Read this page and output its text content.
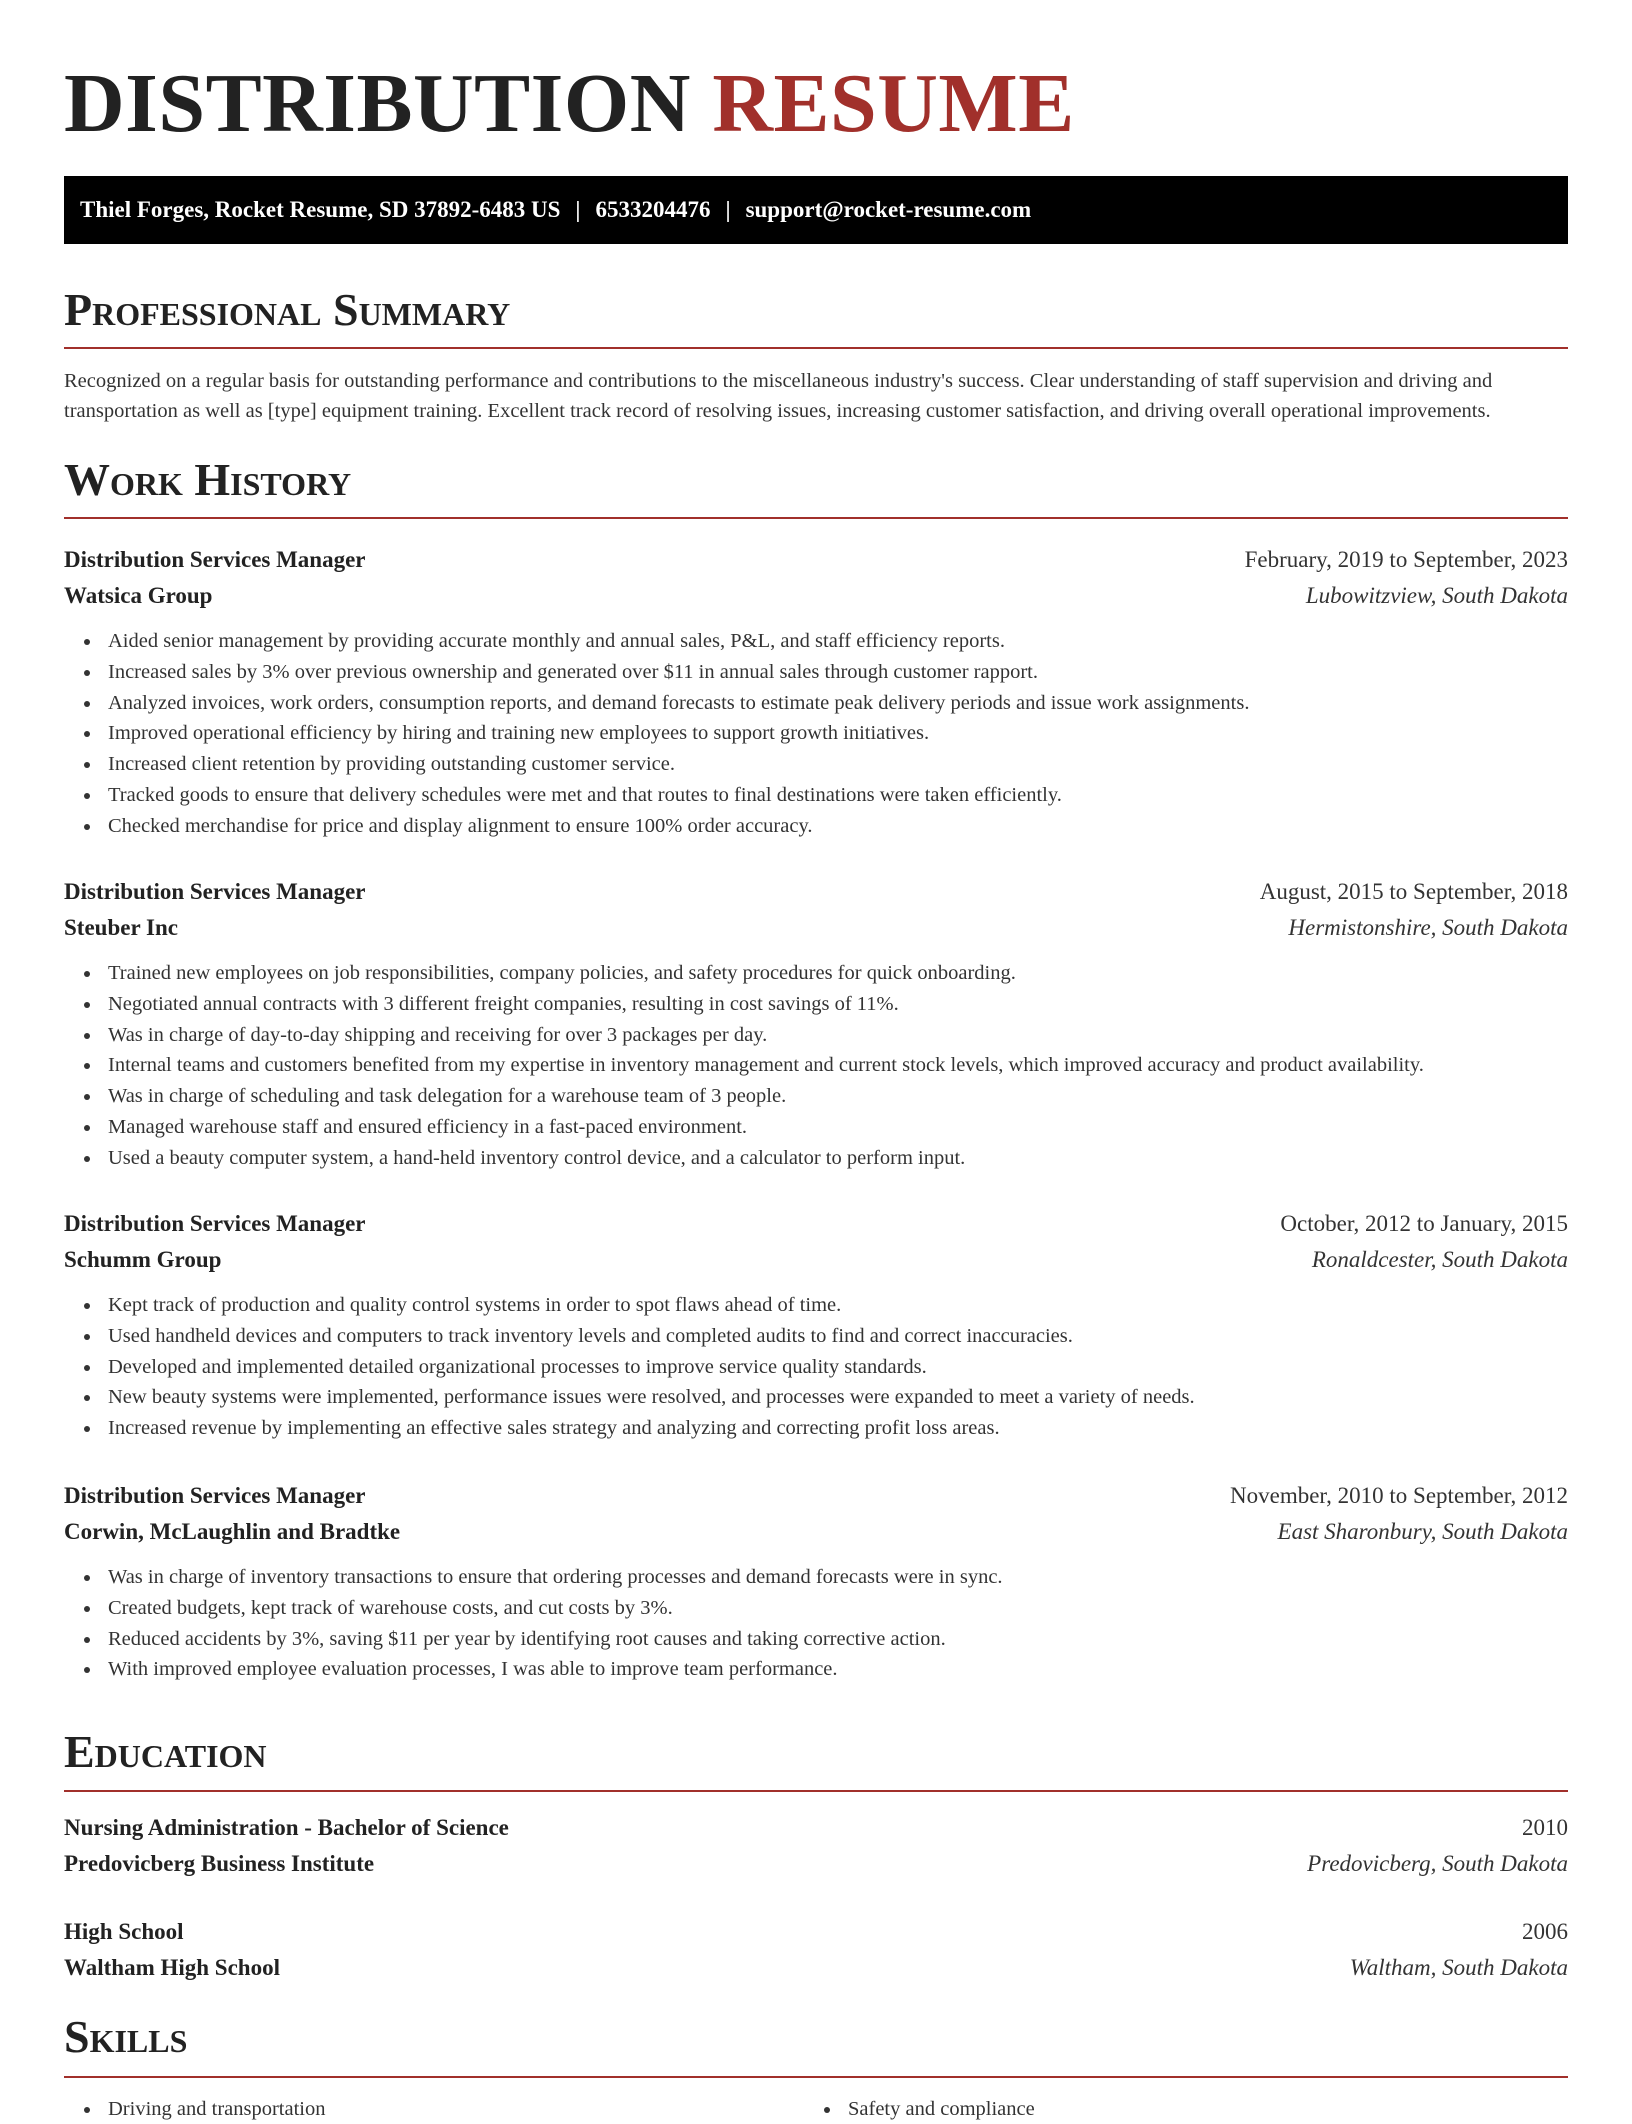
DISTRIBUTION RESUME
Thiel Forges, Rocket Resume, SD 37892-6483 US | 6533204476 | support@rocket-resume.com
Professional Summary

Recognized on a regular basis for outstanding performance and contributions to the miscellaneous industry's success. Clear understanding of staff supervision and driving and transportation as well as [type] equipment training. Excellent track record of resolving issues, increasing customer satisfaction, and driving overall operational improvements.

Work History
Distribution Services Manager	February, 2019 to September, 2023
Watsica Group	Lubowitzview, South Dakota
Aided senior management by providing accurate monthly and annual sales, P&L, and staff efficiency reports.
Increased sales by 3% over previous ownership and generated over $11 in annual sales through customer rapport.
Analyzed invoices, work orders, consumption reports, and demand forecasts to estimate peak delivery periods and issue work assignments.
Improved operational efficiency by hiring and training new employees to support growth initiatives.
Increased client retention by providing outstanding customer service.
Tracked goods to ensure that delivery schedules were met and that routes to final destinations were taken efficiently.
Checked merchandise for price and display alignment to ensure 100% order accuracy.
Distribution Services Manager	August, 2015 to September, 2018
Steuber Inc	Hermistonshire, South Dakota
Trained new employees on job responsibilities, company policies, and safety procedures for quick onboarding.
Negotiated annual contracts with 3 different freight companies, resulting in cost savings of 11%.
Was in charge of day-to-day shipping and receiving for over 3 packages per day.
Internal teams and customers benefited from my expertise in inventory management and current stock levels, which improved accuracy and product availability.
Was in charge of scheduling and task delegation for a warehouse team of 3 people.
Managed warehouse staff and ensured efficiency in a fast-paced environment.
Used a beauty computer system, a hand-held inventory control device, and a calculator to perform input.
Distribution Services Manager	October, 2012 to January, 2015
Schumm Group	Ronaldcester, South Dakota
Kept track of production and quality control systems in order to spot flaws ahead of time.
Used handheld devices and computers to track inventory levels and completed audits to find and correct inaccuracies.
Developed and implemented detailed organizational processes to improve service quality standards.
New beauty systems were implemented, performance issues were resolved, and processes were expanded to meet a variety of needs.
Increased revenue by implementing an effective sales strategy and analyzing and correcting profit loss areas.
Distribution Services Manager	November, 2010 to September, 2012
Corwin, McLaughlin and Bradtke	East Sharonbury, South Dakota
Was in charge of inventory transactions to ensure that ordering processes and demand forecasts were in sync.
Created budgets, kept track of warehouse costs, and cut costs by 3%.
Reduced accidents by 3%, saving $11 per year by identifying root causes and taking corrective action.
With improved employee evaluation processes, I was able to improve team performance.
Education
Nursing Administration - Bachelor of Science	2010
Predovicberg Business Institute	Predovicberg, South Dakota
High School	2006
Waltham High School	Waltham, South Dakota
Skills
Driving and transportation	Safety and compliance
